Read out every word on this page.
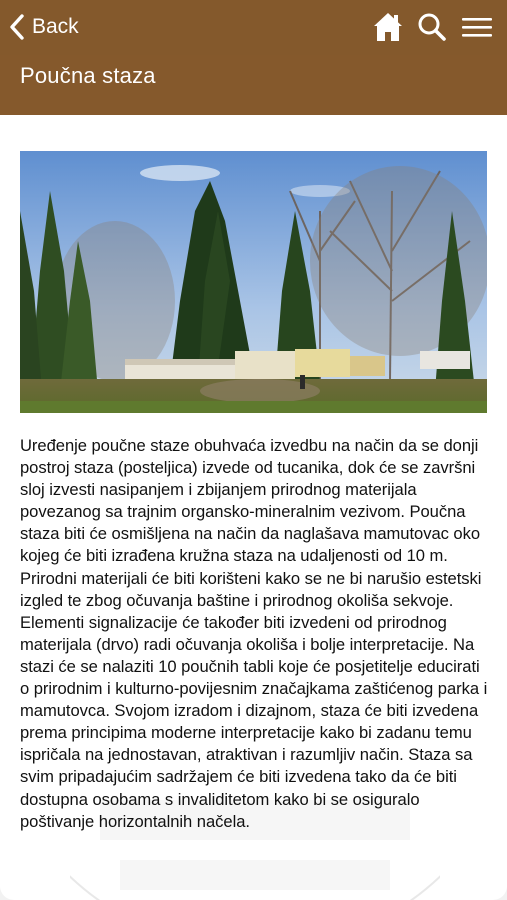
Back
Poučna staza

Uređenje poučne staze obuhvaća izvedbu na način da se donji postroj staza (posteljica) izvede od tucanika, dok će se završni sloj izvesti nasipanjem i zbijanjem prirodnog materijala povezanog sa trajnim organsko-mineralnim vezivom. Poučna staza biti će osmišljena na način da naglašava mamutovac oko kojeg će biti izrađena kružna staza na udaljenosti od 10 m. Prirodni materijali će biti korišteni kako se ne bi narušio estetski izgled te zbog očuvanja baštine i prirodnog okoliša sekvoje. Elementi signalizacije će također biti izvedeni od prirodnog materijala (drvo) radi očuvanja okoliša i bolje interpretacije. Na stazi će se nalaziti 10 poučnih tabli koje će posjetitelje educirati o prirodnim i kulturno-povijesnim značajkama zaštićenog parka i mamutovca. Svojom izradom i dizajnom, staza će biti izvedena prema principima moderne interpretacije kako bi zadanu temu ispričala na jednostavan, atraktivan i razumljiv način. Staza sa svim pripadajućim sadržajem će biti izvedena tako da će biti dostupna osobama s invaliditetom kako bi se osiguralo poštivanje horizontalnih načela.
